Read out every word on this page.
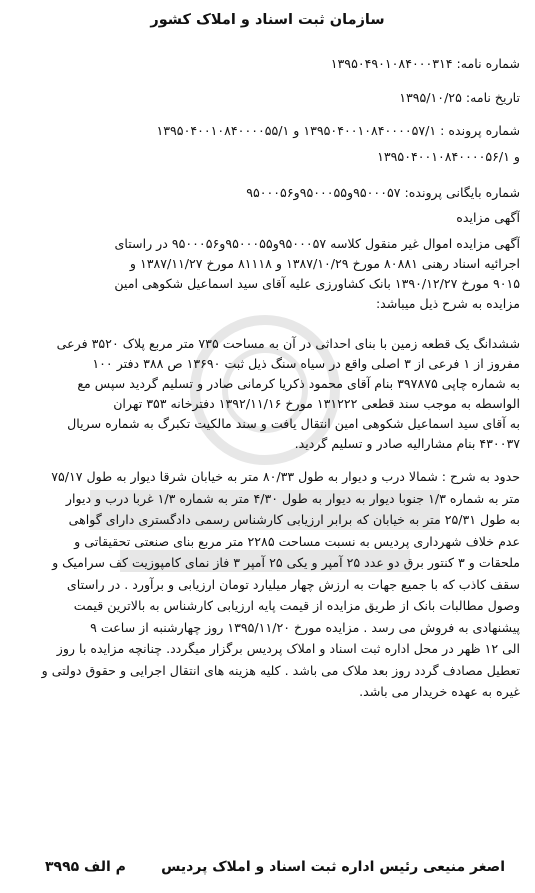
سازمان ثبت اسناد و املاک کشور
شماره نامه: ۱۳۹۵۰۴۹۰۱۰۸۴۰۰۰۳۱۴
تاریخ نامه: ۱۳۹۵/۱۰/۲۵
شماره پرونده : ۱۳۹۵۰۴۰۰۱۰۸۴۰۰۰۰۵۷/۱ و ۱۳۹۵۰۴۰۰۱۰۸۴۰۰۰۰۵۵/۱
و ۱۳۹۵۰۴۰۰۱۰۸۴۰۰۰۰۵۶/۱
شماره بایگانی پرونده: ۹۵۰۰۰۵۷و۹۵۰۰۰۵۵و۹۵۰۰۰۵۶
آگهی مزایده
آگهی مزایده اموال غیر منقول کلاسه ۹۵۰۰۰۵۷و۹۵۰۰۰۵۵و۹۵۰۰۰۵۶ در راستای
اجرائیه اسناد رهنی ۸۰۸۸۱ مورخ ۱۳۸۷/۱۰/۲۹ و ۸۱۱۱۸ مورخ ۱۳۸۷/۱۱/۲۷ و
۹۰۱۵ مورخ ۱۳۹۰/۱۲/۲۷ بانک کشاورزی علیه آقای سید اسماعیل شکوهی امین
مزایده به شرح ذیل میباشد:
ششدانگ یک قطعه زمین با بنای احداثی در آن به مساحت ۷۳۵ متر مربع پلاک ۳۵۲۰ فرعی
مفروز از ۱ فرعی از ۳ اصلی واقع در سیاه سنگ ذیل ثبت ۱۳۶۹۰ ص ۳۸۸ دفتر ۱۰۰
به شماره چاپی ۳۹۷۸۷۵ بنام آقای محمود ذکریا کرمانی صادر و تسلیم گردید سپس مع
الواسطه به موجب سند قطعی ۱۳۱۲۲۲ مورخ ۱۳۹۲/۱۱/۱۶ دفترخانه ۳۵۳ تهران
به آقای سید اسماعیل شکوهی امین انتقال یافت و سند مالکیت تکبرگ به شماره سریال
۴۳۰۰۳۷ بنام مشارالیه صادر و تسلیم گردید.
حدود به شرح : شمالا درب و دیوار به طول ۸۰/۳۳ متر به خیابان شرقا دیوار به طول ۷۵/۱۷
متر به شماره ۱/۳ جنوبا دیوار به دیوار به طول ۴/۳۰ متر به شماره ۱/۳ غربا درب و دیوار
به طول ۲۵/۳۱ متر به خیابان که برابر ارزیابی کارشناس رسمی دادگستری دارای گواهی
عدم خلاف شهرداری پردیس به نسبت مساحت ۲۲۸۵ متر مربع بنای صنعتی تحقیقاتی و
ملحقات و ۳ کنتور برق دو عدد ۲۵ آمپر و یکی ۲۵ آمپر ۳ فاز نمای کامپوزیت کف سرامیک و
سقف کاذب که با جمیع جهات به ارزش چهار میلیارد تومان ارزیابی و برآورد . در راستای
وصول مطالبات بانک از طریق مزایده از قیمت پایه ارزیابی کارشناس به بالاترین قیمت
پیشنهادی به فروش می رسد . مزایده مورخ ۱۳۹۵/۱۱/۲۰ روز چهارشنبه از ساعت ۹
الی ۱۲ ظهر در محل اداره ثبت اسناد و املاک پردیس برگزار میگردد. چنانچه مزایده با روز
تعطیل مصادف گردد روز بعد ملاک می باشد . کلیه هزینه های انتقال اجرایی و حقوق دولتی و
غیره به عهده خریدار می باشد.
اصغر منیعی رئیس اداره ثبت اسناد و املاک پردیس
م الف ۳۹۹۵
